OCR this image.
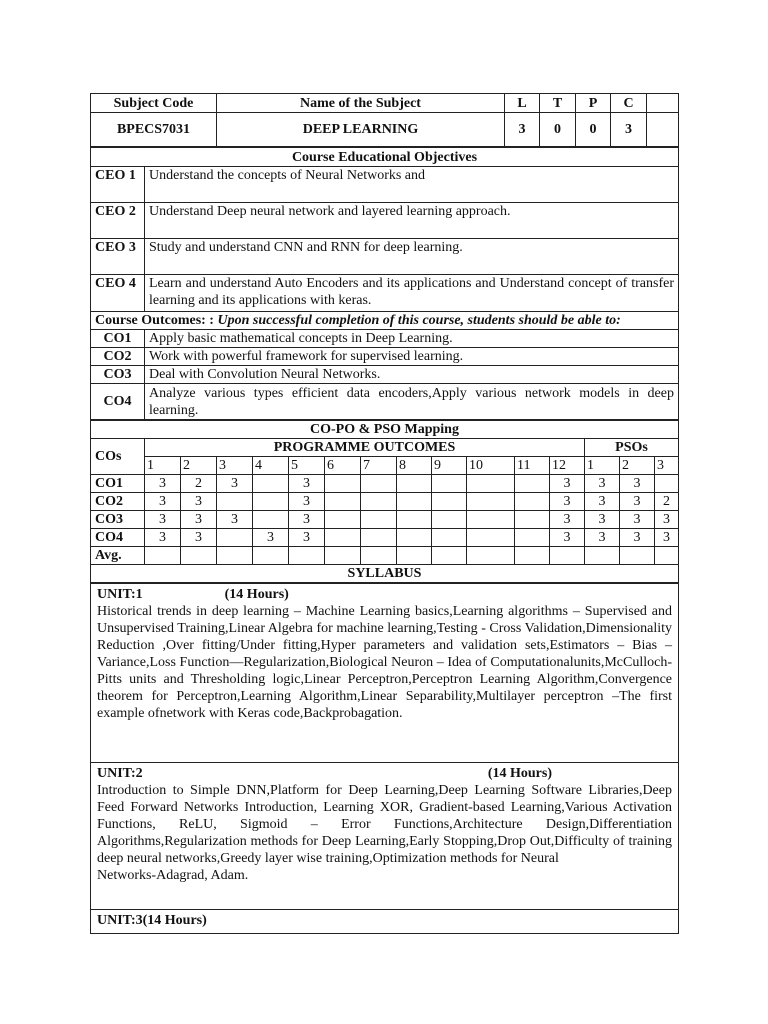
Subject Code	Name of the Subject	L	T	P	C	
BPECS7031	DEEP LEARNING	3	0	0	3	
Course Educational Objectives	
CEO 1	Understand the concepts of Neural Networks and
CEO 2	Understand Deep neural network and layered learning approach.
CEO 3	Study and understand CNN and RNN for deep learning.
CEO 4	Learn and understand Auto Encoders and its applications and Understand concept of transfer learning and its applications with keras.
Course Outcomes: : Upon successful completion of this course, students should be able to:	
CO1	Apply basic mathematical concepts in Deep Learning.
CO2	Work with powerful framework for supervised learning.
CO3	Deal with Convolution Neural Networks.
CO4	Analyze various types efficient data encoders,Apply various network models in deep learning.
CO-PO & PSO Mapping															
COs	PROGRAMME OUTCOMES												PSOs		
	1	2	3	4	5	6	7	8	9	10	11	12	1	2	3
CO1	3	2	3		3							3	3	3	
CO2	3	3			3							3	3	3	2
CO3	3	3	3		3							3	3	3	3
CO4	3	3		3	3							3	3	3	3
Avg.															
SYLLABUS															
UNIT:1	(14 Hours)
Historical trends in deep learning – Machine Learning basics,Learning algorithms – Supervised and Unsupervised Training,Linear Algebra for machine learning,Testing - Cross Validation,Dimensionality Reduction ,Over fitting/Under fitting,Hyper parameters and validation sets,Estimators – Bias – Variance,Loss Function—Regularization,Biological Neuron – Idea of Computationalunits,McCulloch-Pitts units and Thresholding logic,Linear Perceptron,Perceptron Learning Algorithm,Convergence theorem for Perceptron,Learning Algorithm,Linear Separability,Multilayer perceptron –The first example ofnetwork with Keras code,Backprobagation.

UNIT:2	(14 Hours)
Introduction to Simple DNN,Platform for Deep Learning,Deep Learning Software Libraries,Deep Feed Forward Networks Introduction, Learning XOR, Gradient-based Learning,Various Activation Functions, ReLU, Sigmoid – Error Functions,Architecture Design,Differentiation Algorithms,Regularization methods for Deep Learning,Early Stopping,Drop Out,Difficulty of training deep neural networks,Greedy layer wise training,Optimization methods for Neural
Networks-Adagrad, Adam.

UNIT:3(14 Hours)
